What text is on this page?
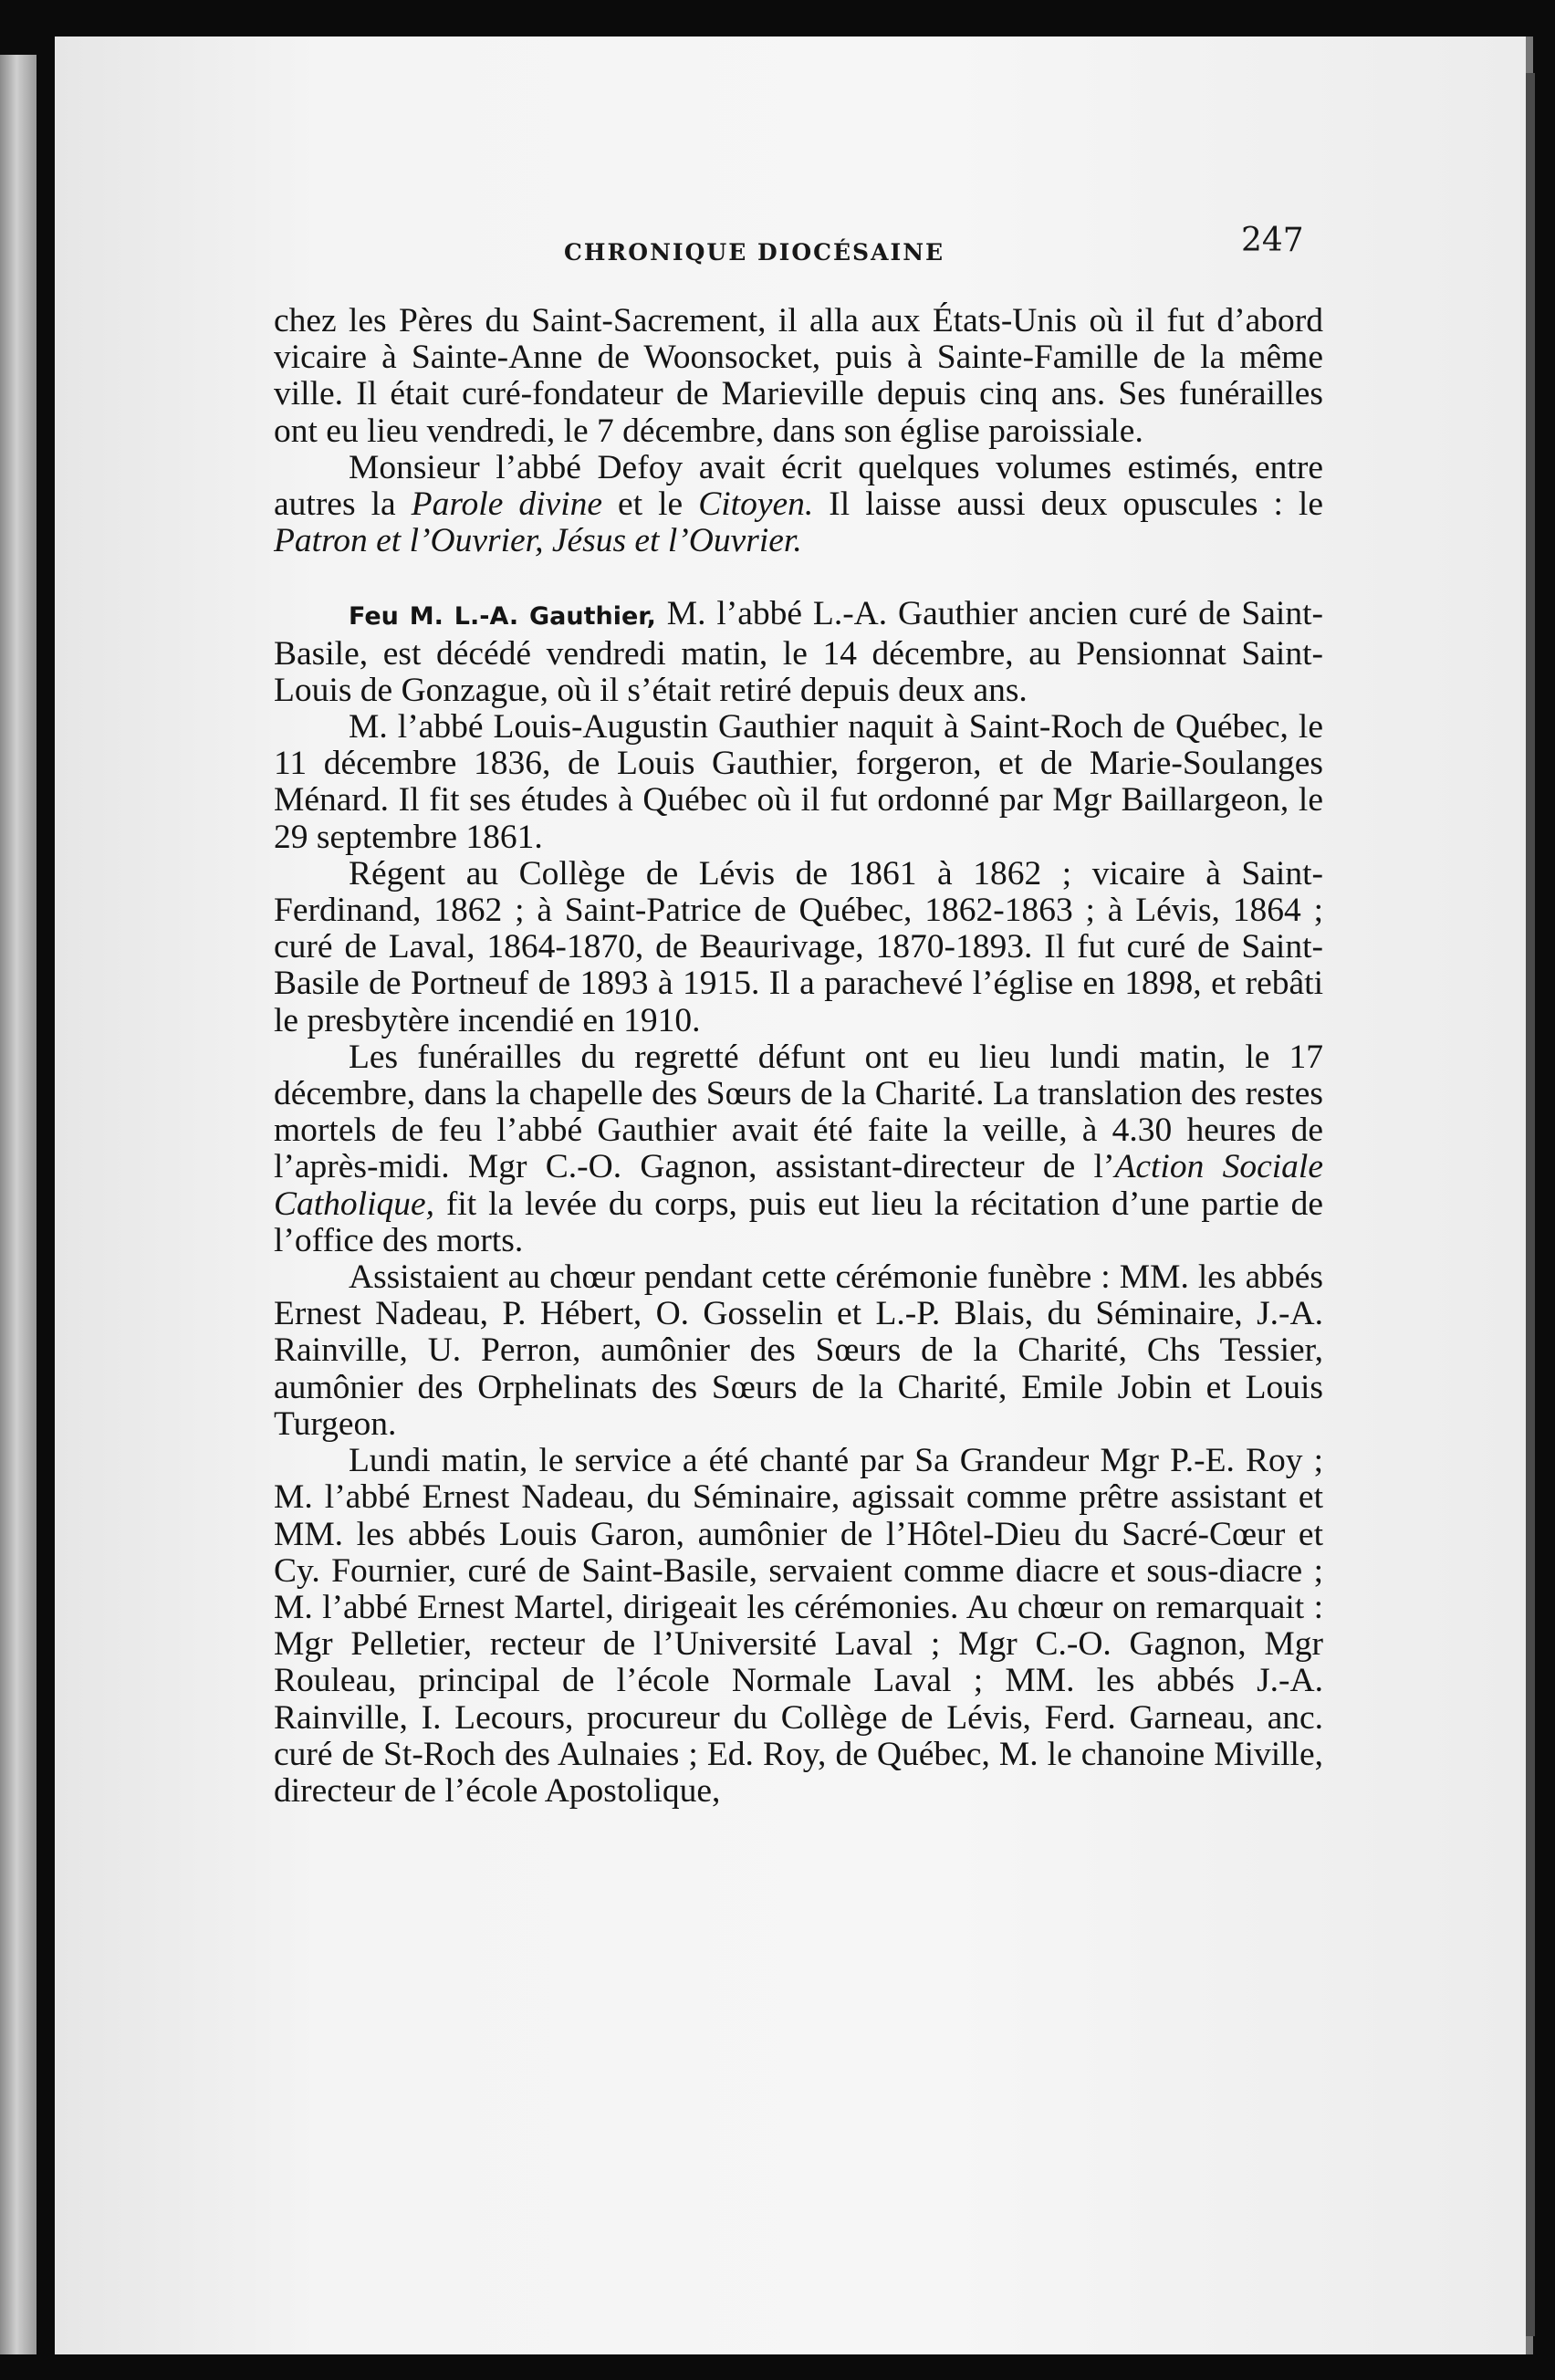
CHRONIQUE DIOCÉSAINE	247

chez les Pères du Saint-Sacrement, il alla aux États-Unis où il fut d’abord vicaire à Sainte-Anne de Woonsocket, puis à Sainte-Famille de la même ville. Il était curé-fondateur de Marieville depuis cinq ans. Ses funérailles ont eu lieu vendredi, le 7 décembre, dans son église paroissiale.

Monsieur l’abbé Defoy avait écrit quelques volumes estimés, entre autres la Parole divine et le Citoyen. Il laisse aussi deux opuscules : le Patron et l’Ouvrier, Jésus et l’Ouvrier.

Feu M. L.-A. Gauthier, M. l’abbé L.-A. Gauthier ancien curé de Saint-Basile, est décédé vendredi matin, le 14 décembre, au Pensionnat Saint-Louis de Gonzague, où il s’était retiré depuis deux ans.

M. l’abbé Louis-Augustin Gauthier naquit à Saint-Roch de Québec, le 11 décembre 1836, de Louis Gauthier, forgeron, et de Marie-Soulanges Ménard. Il fit ses études à Québec où il fut ordonné par Mgr Baillargeon, le 29 septembre 1861.

Régent au Collège de Lévis de 1861 à 1862 ; vicaire à Saint-Ferdinand, 1862 ; à Saint-Patrice de Québec, 1862-1863 ; à Lévis, 1864 ; curé de Laval, 1864-1870, de Beaurivage, 1870-1893. Il fut curé de Saint-Basile de Portneuf de 1893 à 1915. Il a parachevé l’église en 1898, et rebâti le presbytère incendié en 1910.

Les funérailles du regretté défunt ont eu lieu lundi matin, le 17 décembre, dans la chapelle des Sœurs de la Charité. La translation des restes mortels de feu l’abbé Gauthier avait été faite la veille, à 4.30 heures de l’après-midi. Mgr C.-O. Gagnon, assistant-directeur de l’Action Sociale Catholique, fit la levée du corps, puis eut lieu la récitation d’une partie de l’office des morts.

Assistaient au chœur pendant cette cérémonie funèbre : MM. les abbés Ernest Nadeau, P. Hébert, O. Gosselin et L.-P. Blais, du Séminaire, J.-A. Rainville, U. Perron, aumônier des Sœurs de la Charité, Chs Tessier, aumônier des Orphelinats des Sœurs de la Charité, Emile Jobin et Louis Turgeon.

Lundi matin, le service a été chanté par Sa Grandeur Mgr P.-E. Roy ; M. l’abbé Ernest Nadeau, du Séminaire, agissait comme prêtre assistant et MM. les abbés Louis Garon, aumônier de l’Hôtel-Dieu du Sacré-Cœur et Cy. Fournier, curé de Saint-Basile, servaient comme diacre et sous-diacre ; M. l’abbé Ernest Martel, dirigeait les cérémonies. Au chœur on remarquait : Mgr Pelletier, recteur de l’Université Laval ; Mgr C.-O. Gagnon, Mgr Rouleau, principal de l’école Normale Laval ; MM. les abbés J.-A. Rainville, I. Lecours, procureur du Collège de Lévis, Ferd. Garneau, anc. curé de St-Roch des Aulnaies ; Ed. Roy, de Québec, M. le chanoine Miville, directeur de l’école Apostolique,
